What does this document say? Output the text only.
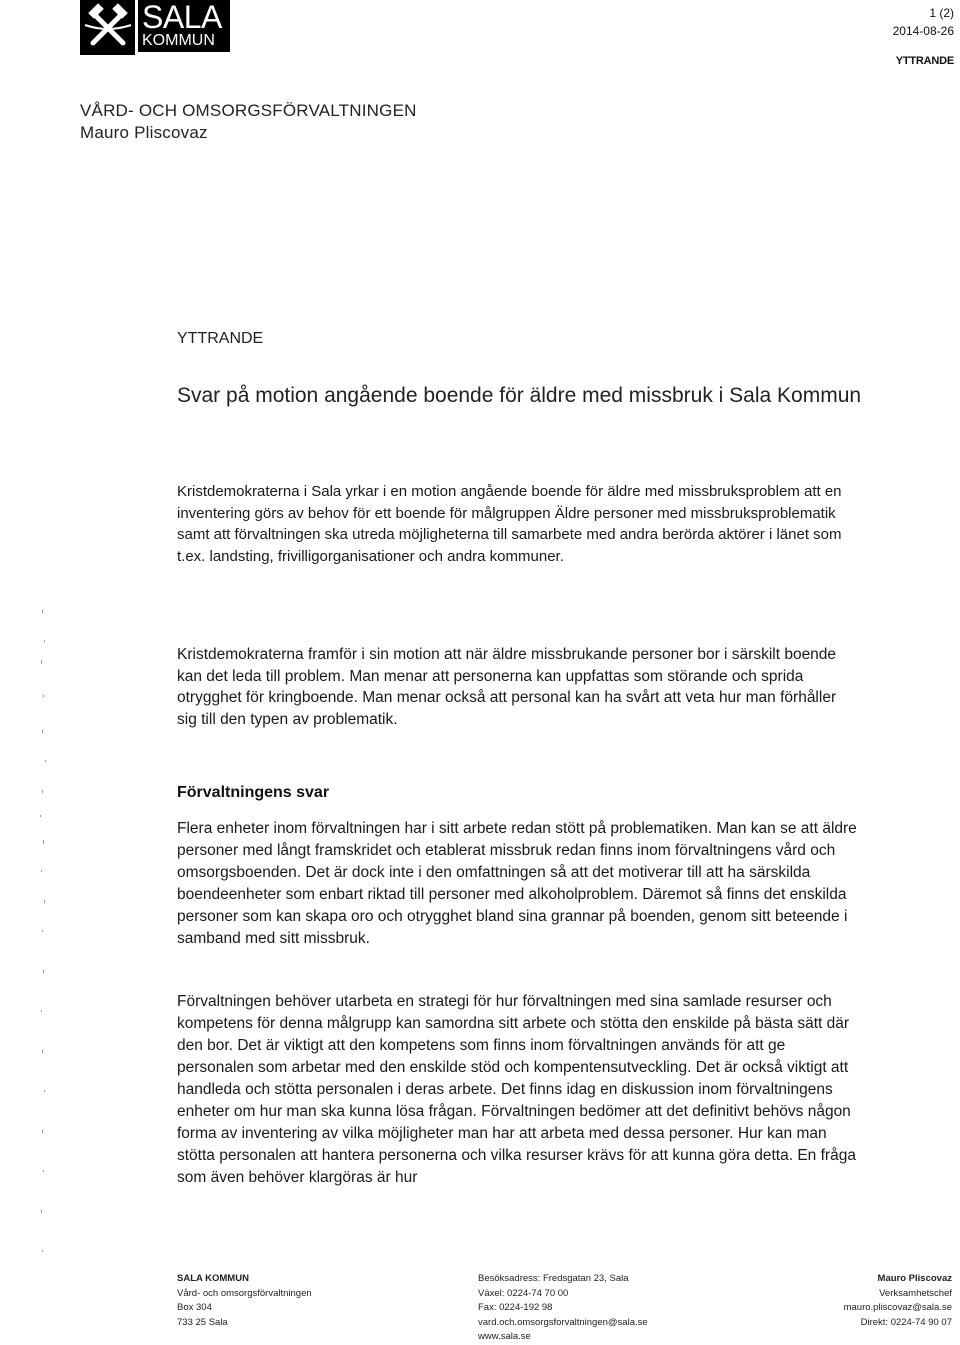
SALA
KOMMUN
1 (2)
2014-08-26
YTTRANDE
VÅRD- OCH OMSORGSFÖRVALTNINGEN
Mauro Pliscovaz
YTTRANDE
Svar på motion angående boende för äldre med missbruk i Sala Kommun

Kristdemokraterna i Sala yrkar i en motion angående boende för äldre med missbruksproblem att en inventering görs av behov för ett boende för målgruppen Äldre personer med missbruksproblematik samt att förvaltningen ska utreda möjligheterna till samarbete med andra berörda aktörer i länet som t.ex. landsting, frivilligorganisationer och andra kommuner.

Kristdemokraterna framför i sin motion att när äldre missbrukande personer bor i särskilt boende kan det leda till problem. Man menar att personerna kan uppfattas som störande och sprida otrygghet för kringboende. Man menar också att personal kan ha svårt att veta hur man förhåller sig till den typen av problematik.

Förvaltningens svar

Flera enheter inom förvaltningen har i sitt arbete redan stött på problematiken. Man kan se att äldre personer med långt framskridet och etablerat missbruk redan finns inom förvaltningens vård och omsorgsboenden. Det är dock inte i den omfattningen så att det motiverar till att ha särskilda boendeenheter som enbart riktad till personer med alkoholproblem. Däremot så finns det enskilda personer som kan skapa oro och otrygghet bland sina grannar på boenden, genom sitt beteende i samband med sitt missbruk.

Förvaltningen behöver utarbeta en strategi för hur förvaltningen med sina samlade resurser och kompetens för denna målgrupp kan samordna sitt arbete och stötta den enskilde på bästa sätt där den bor. Det är viktigt att den kompetens som finns inom förvaltningen används för att ge personalen som arbetar med den enskilde stöd och kompentensutveckling. Det är också viktigt att handleda och stötta personalen i deras arbete. Det finns idag en diskussion inom förvaltningens enheter om hur man ska kunna lösa frågan. Förvaltningen bedömer att det definitivt behövs någon forma av inventering av vilka möjligheter man har att arbeta med dessa personer. Hur kan man stötta personalen att hantera personerna och vilka resurser krävs för att kunna göra detta. En fråga som även behöver klargöras är hur

SALA KOMMUN
Vård- och omsorgsförvaltningen
Box 304
733 25 Sala
Besöksadress: Fredsgatan 23, Sala
Växel: 0224-74 70 00
Fax: 0224-192 98
vard.och.omsorgsforvaltningen@sala.se
www.sala.se
Mauro Pliscovaz
Verksamhetschef
mauro.pliscovaz@sala.se
Direkt: 0224-74 90 07
